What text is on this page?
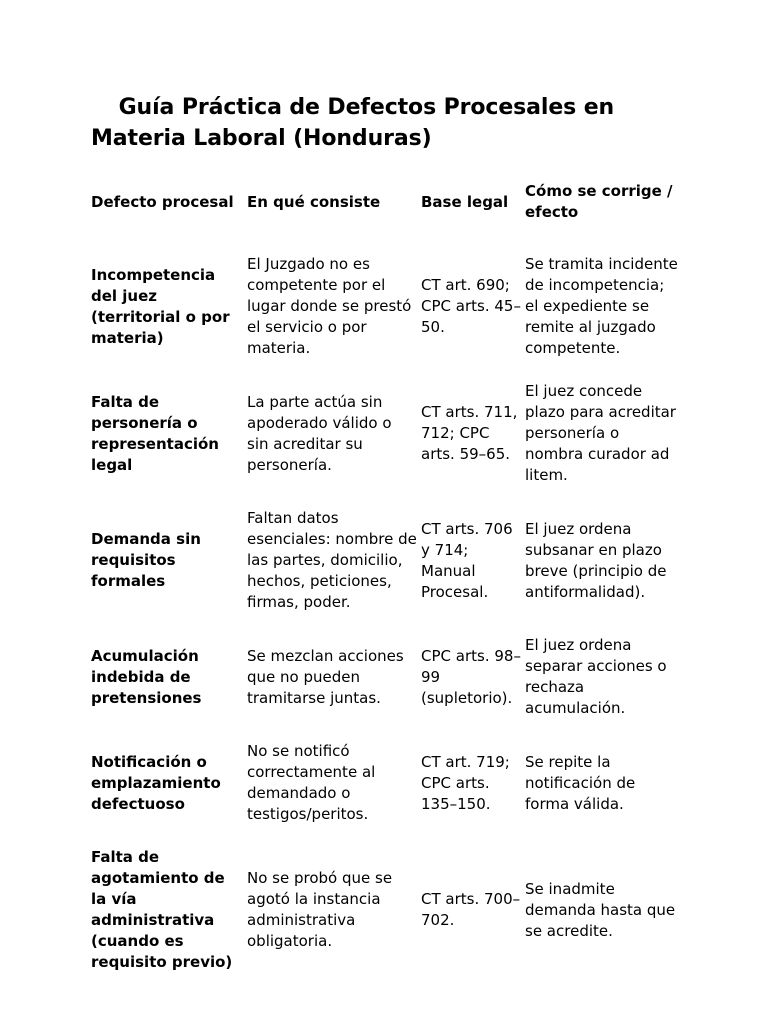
Guía Práctica de Defectos Procesales en Materia Laboral (Honduras)
Defecto procesal	En qué consiste	Base legal	Cómo se corrige / efecto
Incompetencia del juez (territorial o por materia)	El Juzgado no es competente por el lugar donde se prestó el servicio o por materia.	CT art. 690; CPC arts. 45–50.	Se tramita incidente de incompetencia; el expediente se remite al juzgado competente.
Falta de personería o representación legal	La parte actúa sin apoderado válido o sin acreditar su personería.	CT arts. 711, 712; CPC arts. 59–65.	El juez concede plazo para acreditar personería o nombra curador ad litem.
Demanda sin requisitos formales	Faltan datos esenciales: nombre de las partes, domicilio, hechos, peticiones, firmas, poder.	CT arts. 706 y 714; Manual Procesal.	El juez ordena subsanar en plazo breve (principio de antiformalidad).
Acumulación indebida de pretensiones	Se mezclan acciones que no pueden tramitarse juntas.	CPC arts. 98–99 (supletorio).	El juez ordena separar acciones o rechaza acumulación.
Notificación o emplazamiento defectuoso	No se notificó correctamente al demandado o testigos/peritos.	CT art. 719; CPC arts. 135–150.	Se repite la notificación de forma válida.
Falta de agotamiento de la vía administrativa (cuando es requisito previo)	No se probó que se agotó la instancia administrativa obligatoria.	CT arts. 700–702.	Se inadmite demanda hasta que se acredite.
